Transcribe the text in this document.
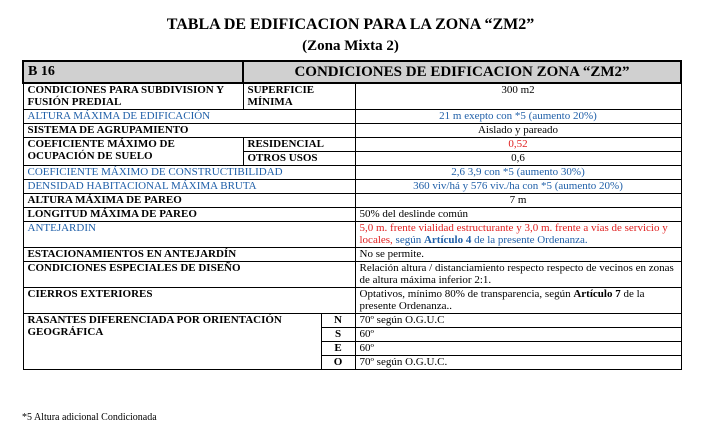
TABLA DE EDIFICACION PARA LA ZONA “ZM2”
(Zona Mixta 2)
B 16	CONDICIONES DE EDIFICACION ZONA “ZM2”		
CONDICIONES PARA SUBDIVISION Y FUSIÓN PREDIAL	SUPERFICIE MÍNIMA		300 m2
ALTURA MÁXIMA DE EDIFICACIÓN			21 m exepto con *5 (aumento 20%)
SISTEMA DE AGRUPAMIENTO			Aislado y pareado
COEFICIENTE MÁXIMO DE OCUPACIÓN DE SUELO	RESIDENCIAL		0,52
	OTROS USOS		0,6
COEFICIENTE MÁXIMO DE CONSTRUCTIBILIDAD			2,6 3,9 con *5 (aumento 30%)
DENSIDAD HABITACIONAL MÁXIMA BRUTA			360 viv/há y 576 viv./ha con *5 (aumento 20%)
ALTURA MÁXIMA DE PAREO			7 m
LONGITUD MÁXIMA DE PAREO			50% del deslinde común
ANTEJARDIN			5,0 m. frente vialidad estructurante y 3,0 m. frente a vías de servicio y locales, según Artículo 4 de la presente Ordenanza.
ESTACIONAMIENTOS EN ANTEJARDÍN			No se permite.
CONDICIONES ESPECIALES DE DISEÑO			Relación altura / distanciamiento respecto respecto de vecinos en zonas de altura máxima inferior 2:1.
CIERROS EXTERIORES			Optativos, mínimo 80% de transparencia, según Artículo 7 de la presente Ordenanza..
RASANTES DIFERENCIADA POR ORIENTACIÓN GEOGRÁFICA		N	70º según O.G.U.C
		S	60º
		E	60º
		O	70º según O.G.U.C.
*5 Altura adicional Condicionada
